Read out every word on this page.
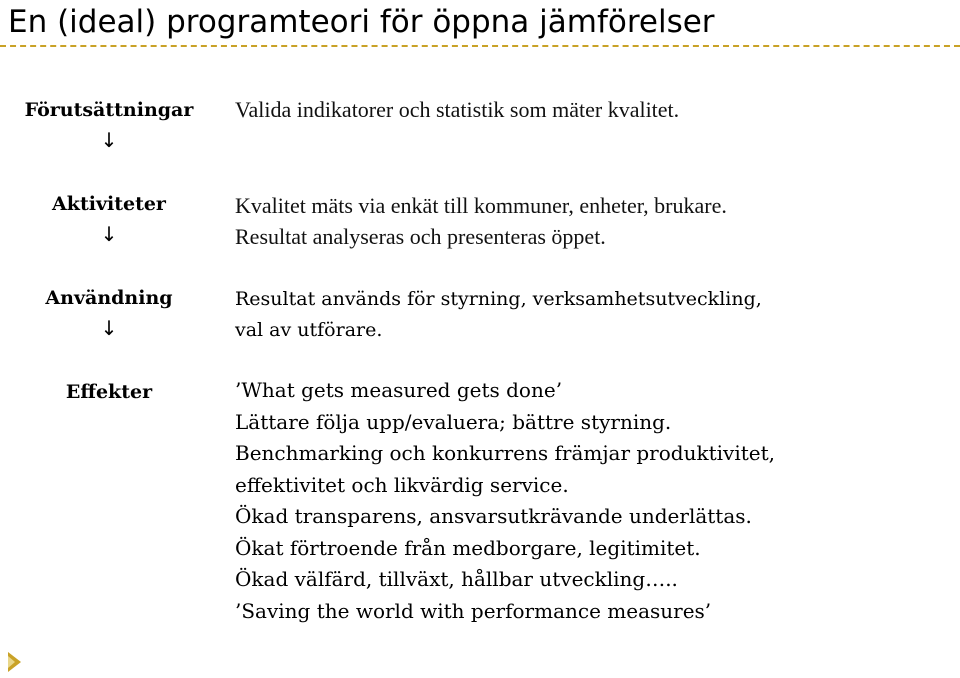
En (ideal) programteori för öppna jämförelser
Förutsättningar
↓
Aktiviteter
↓
Användning
↓
Effekter
Valida indikatorer och statistik som mäter kvalitet.
Kvalitet mäts via enkät till kommuner, enheter, brukare.
Resultat analyseras och presenteras öppet.
Resultat används för styrning, verksamhetsutveckling,
val av utförare.
’What gets measured gets done’
Lättare följa upp/evaluera; bättre styrning.
Benchmarking och konkurrens främjar produktivitet,
effektivitet och likvärdig service.
Ökad transparens, ansvarsutkrävande underlättas.
Ökat förtroende från medborgare, legitimitet.
Ökad välfärd, tillväxt, hållbar utveckling…..
’Saving the world with performance measures’
